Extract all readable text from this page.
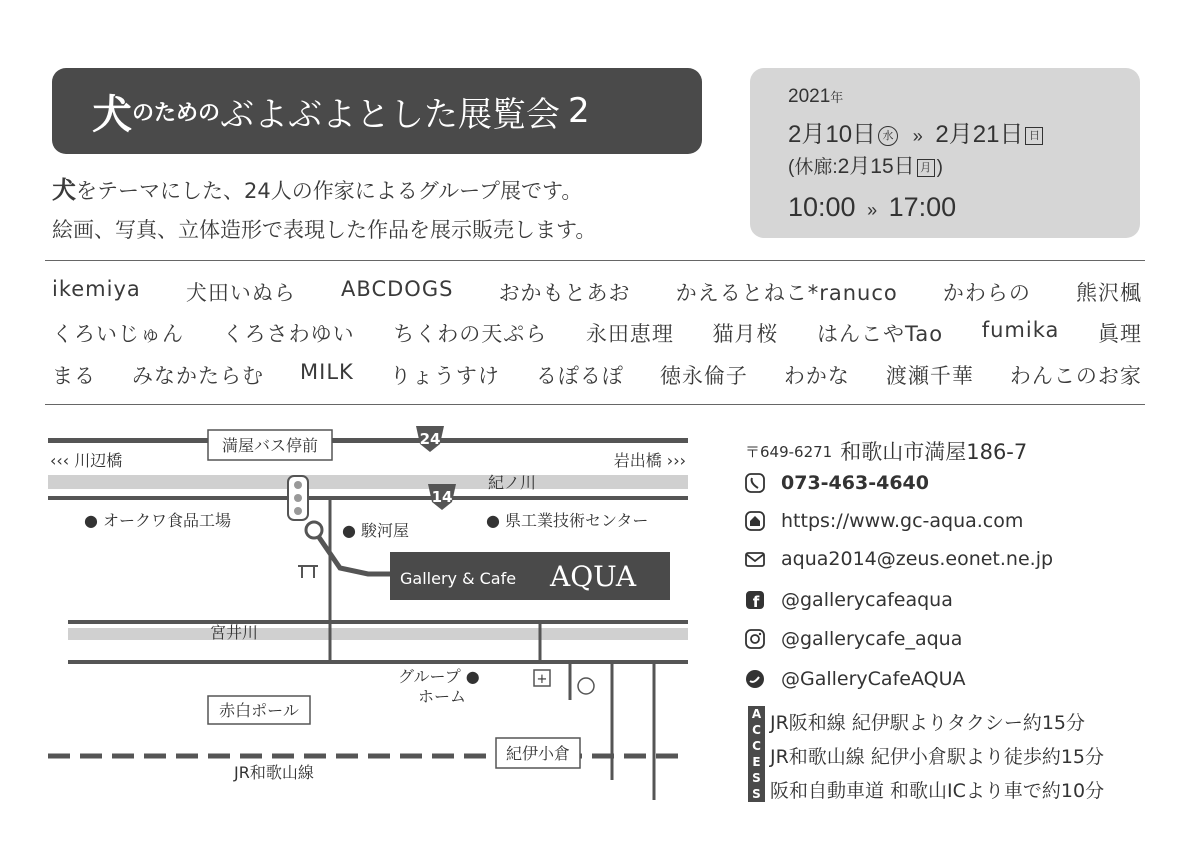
犬 のための ぶよぶよとした展覧会 2
犬をテーマにした、24人の作家によるグループ展です。
絵画、写真、立体造形で表現した作品を展示販売します。
2021年
2月10日 水 » 2月21日 日
(休廊:2月15日 月 )
10:00 » 17:00
ikemiya 犬田いぬら ABCDOGS おかもとあお かえるとねこ*ranuco かわらの 熊沢楓
くろいじゅん くろさわゆい ちくわの天ぷら 永田恵理 猫月桜 はんこやTao fumika 眞理
まる みなかたらむ MILK りょうすけ るぽるぽ 徳永倫子 わかな 渡瀬千華 わんこのお家
満屋バス停前	24
14
‹‹‹ 川辺橋	岩出橋 ›››
紀ノ川
● オークワ食品工場
● 駿河屋
● 県工業技術センター
Gallery & Cafe AQUA
宮井川
グループ ●
ホーム
+
赤白ポール
紀伊小倉
JR和歌山線
〒649-6271 和歌山市満屋186-7
073-463-4640
https://www.gc-aqua.com
aqua2014@zeus.eonet.ne.jp
f @gallerycafeaqua
@gallerycafe_aqua
@GalleryCafeAQUA
A
C
C
E
S
S
JR阪和線 紀伊駅よりタクシー約15分
JR和歌山線 紀伊小倉駅より徒歩約15分
阪和自動車道 和歌山ICより車で約10分
